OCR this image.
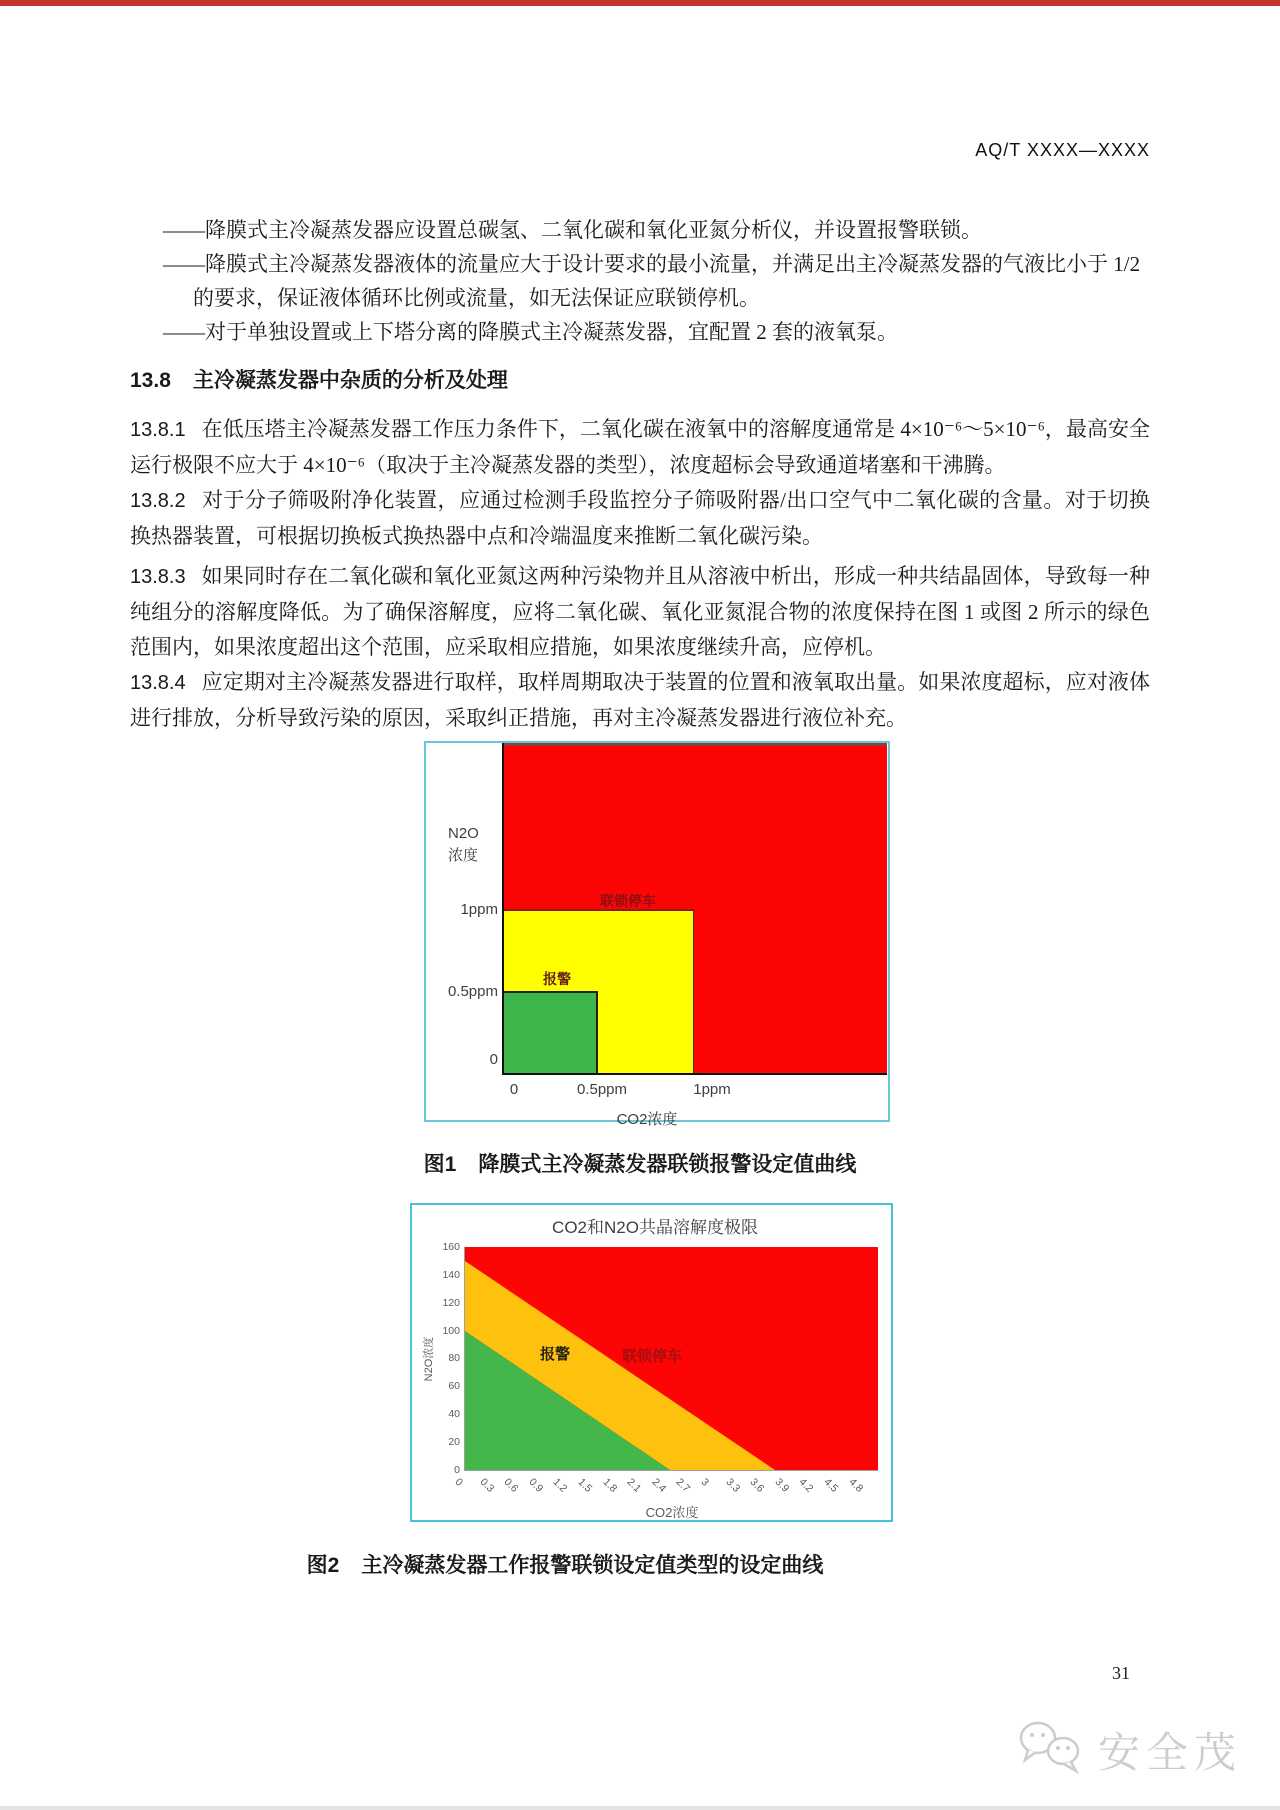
AQ/T XXXX—XXXX
——降膜式主冷凝蒸发器应设置总碳氢、二氧化碳和氧化亚氮分析仪，并设置报警联锁。
——降膜式主冷凝蒸发器液体的流量应大于设计要求的最小流量，并满足出主冷凝蒸发器的气液比小于 1/2 的要求，保证液体循环比例或流量，如无法保证应联锁停机。
——对于单独设置或上下塔分离的降膜式主冷凝蒸发器，宜配置 2 套的液氧泵。
13.8 主冷凝蒸发器中杂质的分析及处理

13.8.1 在低压塔主冷凝蒸发器工作压力条件下，二氧化碳在液氧中的溶解度通常是 4×10⁻⁶～5×10⁻⁶，最高安全运行极限不应大于 4×10⁻⁶（取决于主冷凝蒸发器的类型），浓度超标会导致通道堵塞和干沸腾。

13.8.2 对于分子筛吸附净化装置，应通过检测手段监控分子筛吸附器/出口空气中二氧化碳的含量。对于切换换热器装置，可根据切换板式换热器中点和冷端温度来推断二氧化碳污染。

13.8.3 如果同时存在二氧化碳和氧化亚氮这两种污染物并且从溶液中析出，形成一种共结晶固体，导致每一种纯组分的溶解度降低。为了确保溶解度，应将二氧化碳、氧化亚氮混合物的浓度保持在图 1 或图 2 所示的绿色范围内，如果浓度超出这个范围，应采取相应措施，如果浓度继续升高，应停机。

13.8.4 应定期对主冷凝蒸发器进行取样，取样周期取决于装置的位置和液氧取出量。如果浓度超标，应对液体进行排放，分析导致污染的原因，采取纠正措施，再对主冷凝蒸发器进行液位补充。

N2O
浓度
1ppm
0.5ppm
0
0	0.5ppm	1ppm
CO2浓度
联锁停车
报警
图1 降膜式主冷凝蒸发器联锁报警设定值曲线
CO2和N2O共晶溶解度极限
N2O浓度
160
140
120
100
80
60
40
20
0
0 0.3 0.6 0.9 1.2 1.5 1.8 2.1 2.4 2.7 3 3.3 3.6 3.9 4.2 4.5 4.8
CO2浓度
报警	联锁停车
图2 主冷凝蒸发器工作报警联锁设定值类型的设定曲线
31
安全茂
